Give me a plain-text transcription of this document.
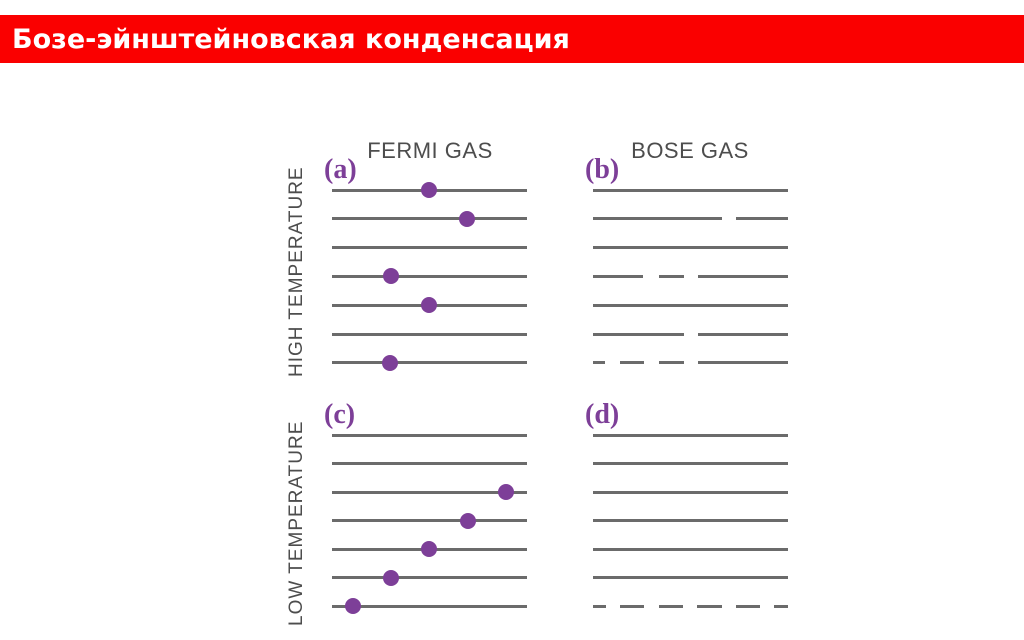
Бозе-эйнштейновская конденсация
FERMI GAS	BOSE GAS
HIGH TEMPERATURE
LOW TEMPERATURE
(a)	(b)
(c)	(d)
